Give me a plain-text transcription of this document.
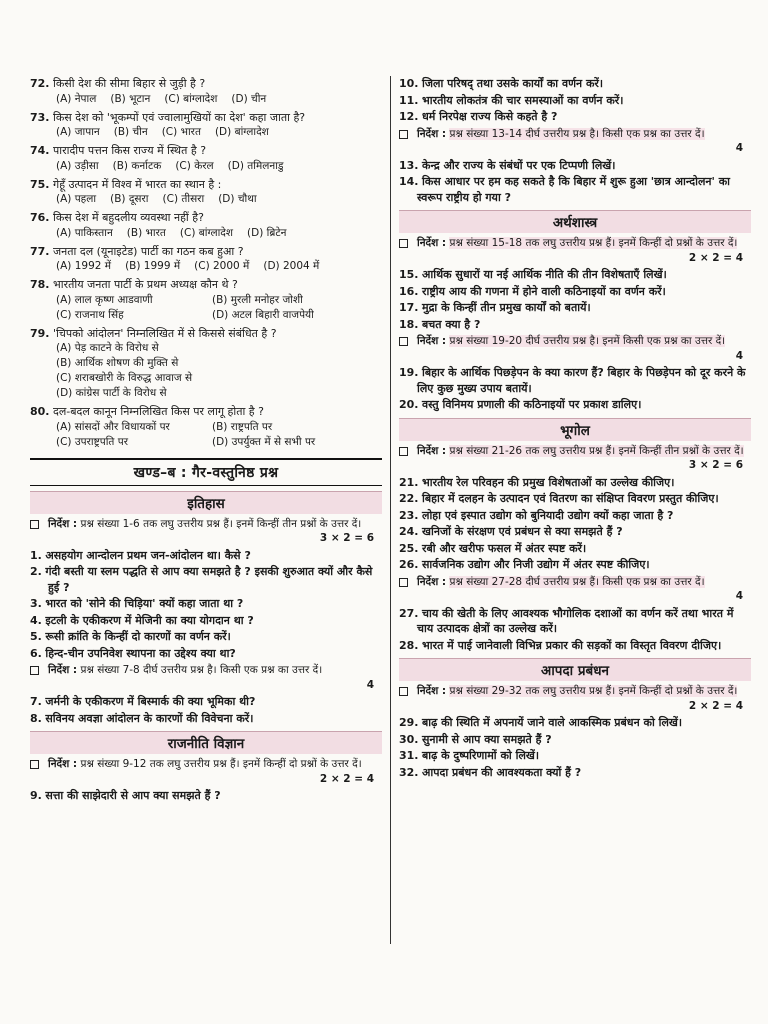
72. किसी देश की सीमा बिहार से जुड़ी है ?
(A) नेपाल (B) भूटान (C) बांग्लादेश (D) चीन
73. किस देश को 'भूकम्पों एवं ज्वालामुखियों का देश' कहा जाता है?
(A) जापान (B) चीन (C) भारत (D) बांग्लादेश
74. पारादीप पत्तन किस राज्य में स्थित है ?
(A) उड़ीसा (B) कर्नाटक (C) केरल (D) तमिलनाडु
75. गेहूँ उत्पादन में विश्व में भारत का स्थान है :
(A) पहला (B) दूसरा (C) तीसरा (D) चौथा
76. किस देश में बहुदलीय व्यवस्था नहीं है?
(A) पाकिस्तान (B) भारत (C) बांग्लादेश (D) ब्रिटेन
77. जनता दल (यूनाइटेड) पार्टी का गठन कब हुआ ?
(A) 1992 में (B) 1999 में (C) 2000 में (D) 2004 में
78. भारतीय जनता पार्टी के प्रथम अध्यक्ष कौन थे ?
(A) लाल कृष्ण आडवाणी	(B) मुरली मनोहर जोशी
(C) राजनाथ सिंह	(D) अटल बिहारी वाजपेयी
79. 'चिपको आंदोलन' निम्नलिखित में से किससे संबंधित है ?
(A) पेड़ काटने के विरोध से
(B) आर्थिक शोषण की मुक्ति से
(C) शराबखोरी के विरुद्ध आवाज से
(D) कांग्रेस पार्टी के विरोध से
80. दल-बदल कानून निम्नलिखित किस पर लागू होता है ?
(A) सांसदों और विधायकों पर	(B) राष्ट्रपति पर
(C) उपराष्ट्रपति पर	(D) उपर्युक्त में से सभी पर
खण्ड–ब : गैर-वस्तुनिष्ठ प्रश्न
इतिहास
निर्देश : प्रश्न संख्या 1-6 तक लघु उत्तरीय प्रश्न हैं। इनमें किन्हीं तीन प्रश्नों के उत्तर दें।
3 × 2 = 6
1. असहयोग आन्दोलन प्रथम जन-आंदोलन था। कैसे ?
2. गंदी बस्ती या स्लम पद्धति से आप क्या समझते है ? इसकी शुरुआत क्यों और कैसे हुई ?
3. भारत को 'सोने की चिड़िया' क्यों कहा जाता था ?
4. इटली के एकीकरण में मेजिनी का क्या योगदान था ?
5. रूसी क्रांति के किन्हीं दो कारणों का वर्णन करें।
6. हिन्द-चीन उपनिवेश स्थापना का उद्देश्य क्या था?
निर्देश : प्रश्न संख्या 7-8 दीर्घ उत्तरीय प्रश्न है। किसी एक प्रश्न का उत्तर दें।
4
7. जर्मनी के एकीकरण में बिस्मार्क की क्या भूमिका थी?
8. सविनय अवज्ञा आंदोलन के कारणों की विवेचना करें।
राजनीति विज्ञान
निर्देश : प्रश्न संख्या 9-12 तक लघु उत्तरीय प्रश्न हैं। इनमें किन्हीं दो प्रश्नों के उत्तर दें।
2 × 2 = 4
9. सत्ता की साझेदारी से आप क्या समझते हैं ?
10. जिला परिषद् तथा उसके कार्यों का वर्णन करें।
11. भारतीय लोकतंत्र की चार समस्याओं का वर्णन करें।
12. धर्म निरपेक्ष राज्य किसे कहते है ?
निर्देश : प्रश्न संख्या 13-14 दीर्घ उत्तरीय प्रश्न है। किसी एक प्रश्न का उत्तर दें।
4
13. केन्द्र और राज्य के संबंधों पर एक टिप्पणी लिखें।
14. किस आधार पर हम कह सकते है कि बिहार में शुरू हुआ 'छात्र आन्दोलन' का स्वरूप राष्ट्रीय हो गया ?
अर्थशास्त्र
निर्देश : प्रश्न संख्या 15-18 तक लघु उत्तरीय प्रश्न हैं। इनमें किन्हीं दो प्रश्नों के उत्तर दें।
2 × 2 = 4
15. आर्थिक सुधारों या नई आर्थिक नीति की तीन विशेषताएँ लिखें।
16. राष्ट्रीय आय की गणना में होने वाली कठिनाइयों का वर्णन करें।
17. मुद्रा के किन्हीं तीन प्रमुख कार्यों को बतायें।
18. बचत क्या है ?
निर्देश : प्रश्न संख्या 19-20 दीर्घ उत्तरीय प्रश्न है। इनमें किसी एक प्रश्न का उत्तर दें।
4
19. बिहार के आर्थिक पिछड़ेपन के क्या कारण हैं? बिहार के पिछड़ेपन को दूर करने के लिए कुछ मुख्य उपाय बतायें।
20. वस्तु विनिमय प्रणाली की कठिनाइयों पर प्रकाश डालिए।
भूगोल
निर्देश : प्रश्न संख्या 21-26 तक लघु उत्तरीय प्रश्न हैं। इनमें किन्हीं तीन प्रश्नों के उत्तर दें।
3 × 2 = 6
21. भारतीय रेल परिवहन की प्रमुख विशेषताओं का उल्लेख कीजिए।
22. बिहार में दलहन के उत्पादन एवं वितरण का संक्षिप्त विवरण प्रस्तुत कीजिए।
23. लोहा एवं इस्पात उद्योग को बुनियादी उद्योग क्यों कहा जाता है ?
24. खनिजों के संरक्षण एवं प्रबंधन से क्या समझते हैं ?
25. रबी और खरीफ फसल में अंतर स्पष्ट करें।
26. सार्वजनिक उद्योग और निजी उद्योग में अंतर स्पष्ट कीजिए।
निर्देश : प्रश्न संख्या 27-28 दीर्घ उत्तरीय प्रश्न हैं। किसी एक प्रश्न का उत्तर दें।
4
27. चाय की खेती के लिए आवश्यक भौगोलिक दशाओं का वर्णन करें तथा भारत में चाय उत्पादक क्षेत्रों का उल्लेख करें।
28. भारत में पाई जानेवाली विभिन्न प्रकार की सड़कों का विस्तृत विवरण दीजिए।
आपदा प्रबंधन
निर्देश : प्रश्न संख्या 29-32 तक लघु उत्तरीय प्रश्न हैं। इनमें किन्हीं दो प्रश्नों के उत्तर दें।
2 × 2 = 4
29. बाढ़ की स्थिति में अपनायें जाने वाले आकस्मिक प्रबंधन को लिखें।
30. सुनामी से आप क्या समझते हैं ?
31. बाढ़ के दुष्परिणामों को लिखें।
32. आपदा प्रबंधन की आवश्यकता क्यों हैं ?
